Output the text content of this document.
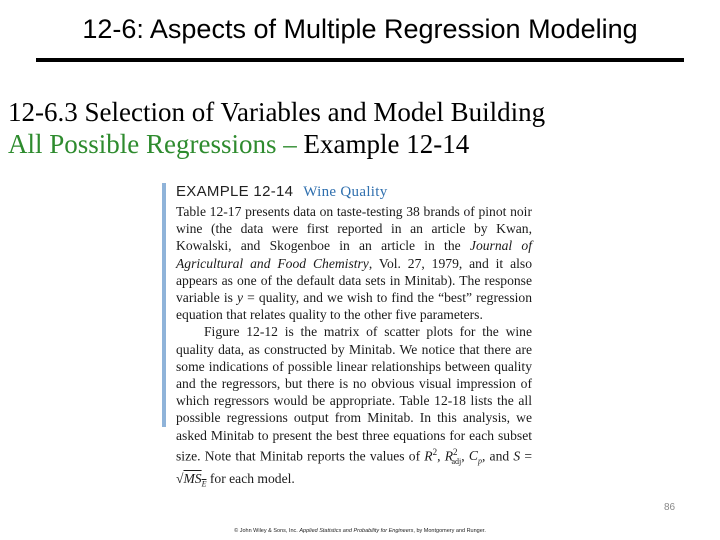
12-6: Aspects of Multiple Regression Modeling
12-6.3 Selection of Variables and Model Building
All Possible Regressions – Example 12-14
EXAMPLE 12-14 Wine Quality

Table 12-17 presents data on taste-testing 38 brands of pinot noir wine (the data were first reported in an article by Kwan, Kowalski, and Skogenboe in an article in the Journal of Agricultural and Food Chemistry, Vol. 27, 1979, and it also appears as one of the default data sets in Minitab). The response variable is y = quality, and we wish to find the “best” regression equation that relates quality to the other five parameters.

Figure 12-12 is the matrix of scatter plots for the wine quality data, as constructed by Minitab. We notice that there are some indications of possible linear relationships between quality and the regressors, but there is no obvious visual impression of which regressors would be appropriate. Table 12-18 lists the all possible regressions output from Minitab. In this analysis, we asked Minitab to present the best three equations for each subset size. Note that Minitab reports the values of $R^2$, $R^2_{adj}$, $C_p$, and $S = √MS_E$ for each model.

86
© John Wiley & Sons, Inc. Applied Statistics and Probability for Engineers, by Montgomery and Runger.
